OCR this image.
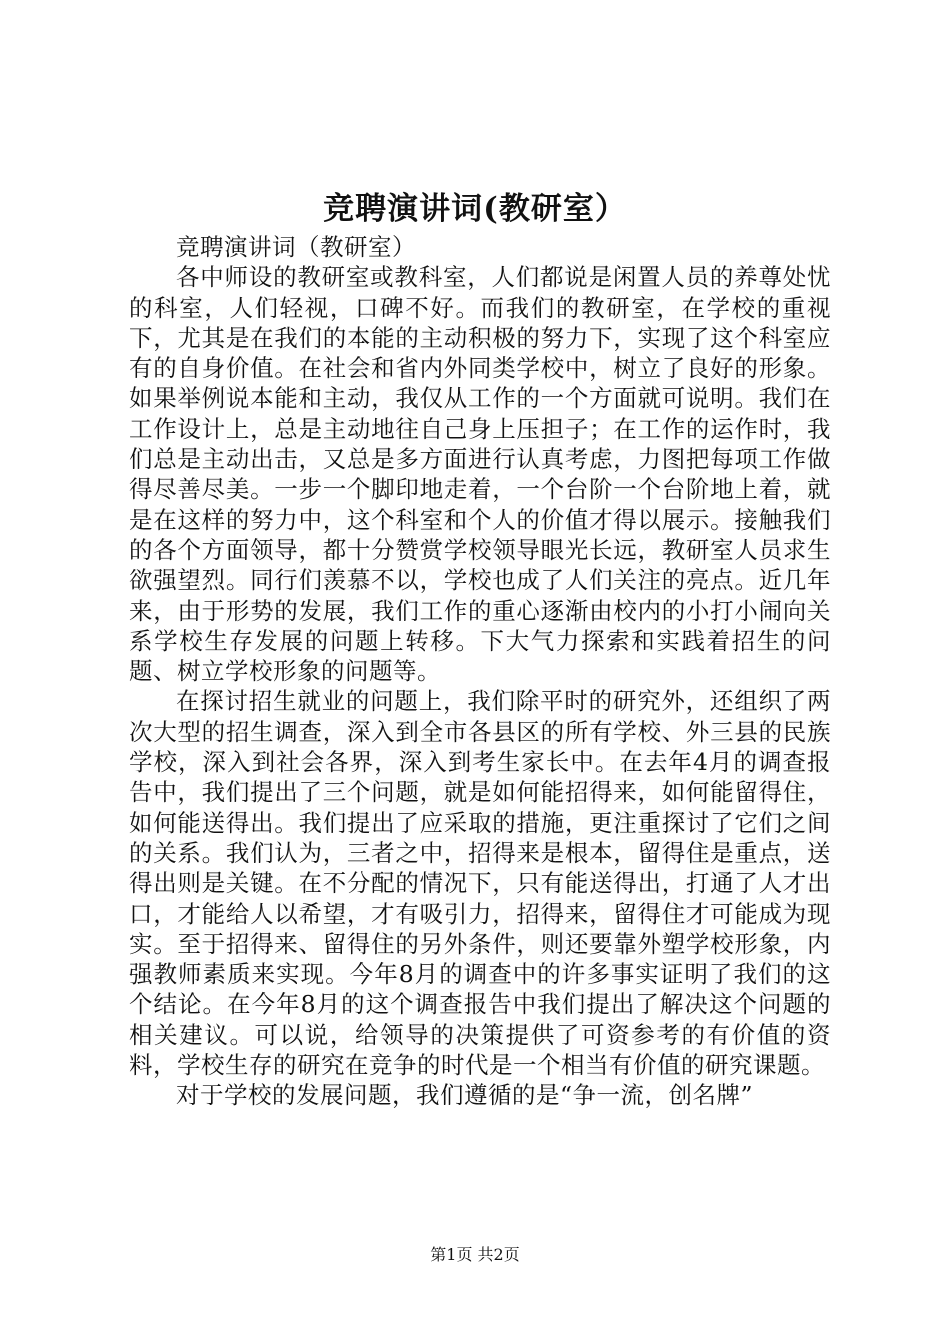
竞聘演讲词(教研室）

竞聘演讲词（教研室）

各中师设的教研室或教科室，人们都说是闲置人员的养尊处忧的科室，人们轻视，口碑不好。而我们的教研室，在学校的重视下，尤其是在我们的本能的主动积极的努力下，实现了这个科室应有的自身价值。在社会和省内外同类学校中，树立了良好的形象。如果举例说本能和主动，我仅从工作的一个方面就可说明。我们在工作设计上，总是主动地往自己身上压担子；在工作的运作时，我们总是主动出击，又总是多方面进行认真考虑，力图把每项工作做得尽善尽美。一步一个脚印地走着，一个台阶一个台阶地上着，就是在这样的努力中，这个科室和个人的价值才得以展示。接触我们的各个方面领导，都十分赞赏学校领导眼光长远，教研室人员求生欲强望烈。同行们羡慕不以，学校也成了人们关注的亮点。近几年来，由于形势的发展，我们工作的重心逐渐由校内的小打小闹向关系学校生存发展的问题上转移。下大气力探索和实践着招生的问题、树立学校形象的问题等。

在探讨招生就业的问题上，我们除平时的研究外，还组织了两次大型的招生调查，深入到全市各县区的所有学校、外三县的民族学校，深入到社会各界，深入到考生家长中。在去年4月的调查报告中，我们提出了三个问题，就是如何能招得来，如何能留得住，如何能送得出。我们提出了应采取的措施，更注重探讨了它们之间的关系。我们认为，三者之中，招得来是根本，留得住是重点，送得出则是关键。在不分配的情况下，只有能送得出，打通了人才出口，才能给人以希望，才有吸引力，招得来，留得住才可能成为现实。至于招得来、留得住的另外条件，则还要靠外塑学校形象，内强教师素质来实现。今年8月的调查中的许多事实证明了我们的这个结论。在今年8月的这个调查报告中我们提出了解决这个问题的相关建议。可以说，给领导的决策提供了可资参考的有价值的资料，学校生存的研究在竞争的时代是一个相当有价值的研究课题。

对于学校的发展问题，我们遵循的是“争一流，创名牌”

第1页 共2页
